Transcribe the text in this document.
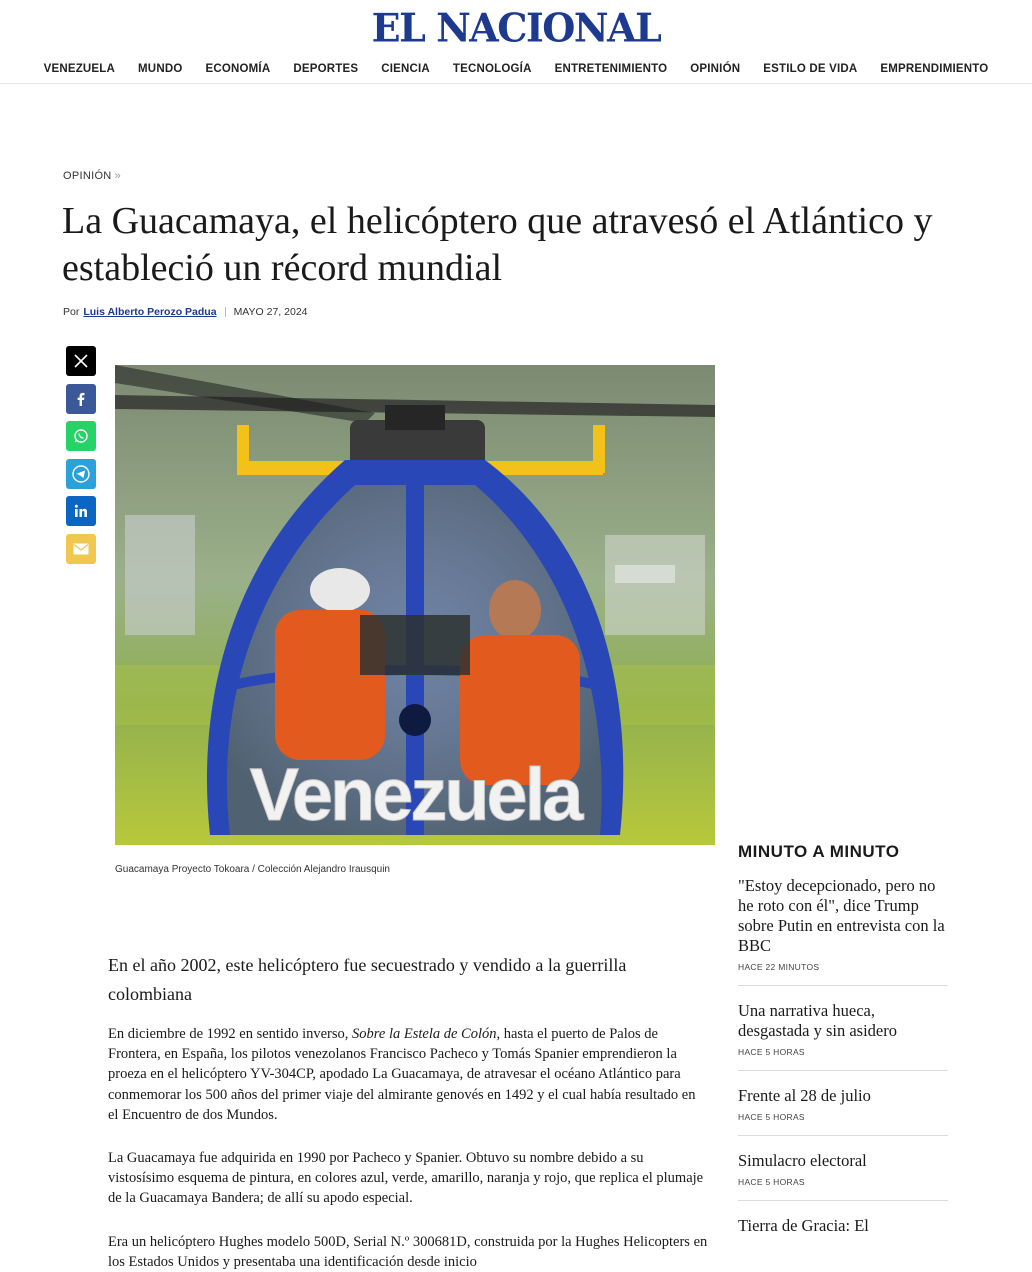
EL NACIONAL
VENEZUELA	MUNDO	ECONOMÍA	DEPORTES	CIENCIA	TECNOLOGÍA	ENTRETENIMIENTO	OPINIÓN	ESTILO DE VIDA	EMPRENDIMIENTO
OPINIÓN »
La Guacamaya, el helicóptero que atravesó el Atlántico y estableció un récord mundial
Por Luis Alberto Perozo Padua MAYO 27, 2024
Venezuela
Guacamaya Proyecto Tokoara / Colección Alejandro Irausquin

En el año 2002, este helicóptero fue secuestrado y vendido a la guerrilla colombiana

En diciembre de 1992 en sentido inverso, Sobre la Estela de Colón, hasta el puerto de Palos de Frontera, en España, los pilotos venezolanos Francisco Pacheco y Tomás Spanier emprendieron la proeza en el helicóptero YV-304CP, apodado La Guacamaya, de atravesar el océano Atlántico para conmemorar los 500 años del primer viaje del almirante genovés en 1492 y el cual había resultado en el Encuentro de dos Mundos.

La Guacamaya fue adquirida en 1990 por Pacheco y Spanier. Obtuvo su nombre debido a su vistosísimo esquema de pintura, en colores azul, verde, amarillo, naranja y rojo, que replica el plumaje de la Guacamaya Bandera; de allí su apodo especial.

Era un helicóptero Hughes modelo 500D, Serial N.º 300681D, construida por la Hughes Helicopters en los Estados Unidos y presentaba una identificación desde inicio

MINUTO A MINUTO
"Estoy decepcionado, pero no he roto con él", dice Trump sobre Putin en entrevista con la BBC
HACE 22 MINUTOS
Una narrativa hueca, desgastada y sin asidero
HACE 5 HORAS
Frente al 28 de julio
HACE 5 HORAS
Simulacro electoral
HACE 5 HORAS
Tierra de Gracia: El
